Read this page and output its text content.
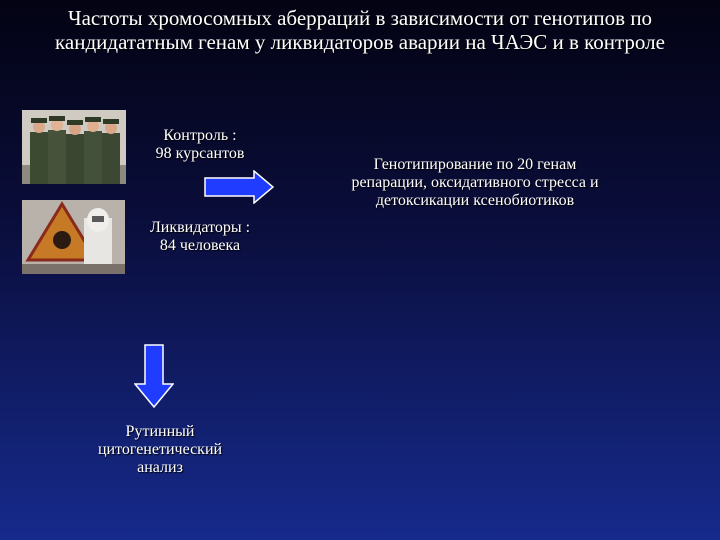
Частоты хромосомных аберраций в зависимости от генотипов по
кандидататным генам у ликвидаторов аварии на ЧАЭС и в контроле
Контроль :
98 курсантов
Генотипирование по 20 генам
репарации, оксидативного стресса и
детоксикации ксенобиотиков
Ликвидаторы :
84 человека
Рутинный
цитогенетический
анализ
